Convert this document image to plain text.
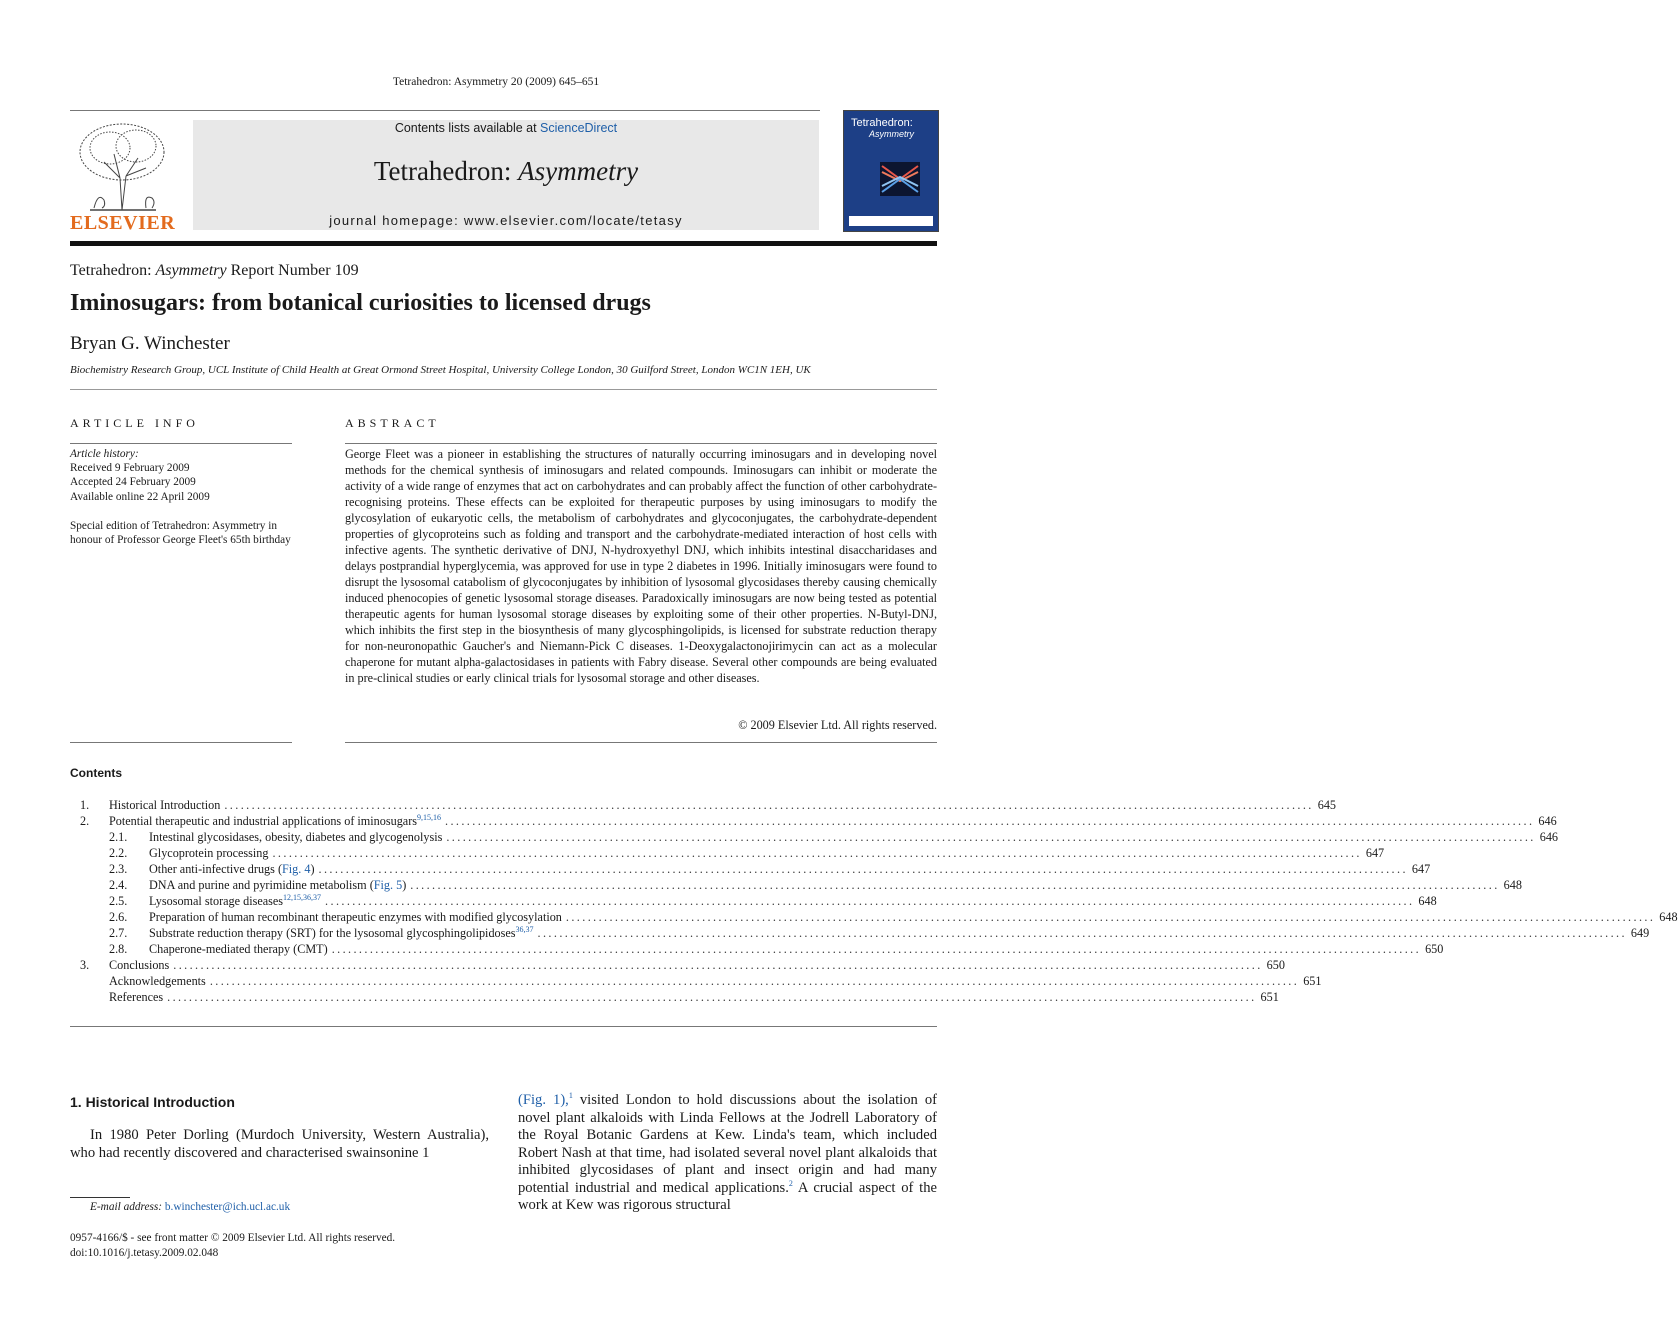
Tetrahedron: Asymmetry 20 (2009) 645–651
ELSEVIER
Contents lists available at ScienceDirect
Tetrahedron: Asymmetry
journal homepage: www.elsevier.com/locate/tetasy
Tetrahedron:
Asymmetry
Tetrahedron: Asymmetry Report Number 109
Iminosugars: from botanical curiosities to licensed drugs
Bryan G. Winchester
Biochemistry Research Group, UCL Institute of Child Health at Great Ormond Street Hospital, University College London, 30 Guilford Street, London WC1N 1EH, UK
ARTICLE INFO
Article history:
Received 9 February 2009
Accepted 24 February 2009
Available online 22 April 2009
Special edition of Tetrahedron: Asymmetry in honour of Professor George Fleet's 65th birthday
ABSTRACT
George Fleet was a pioneer in establishing the structures of naturally occurring iminosugars and in developing novel methods for the chemical synthesis of iminosugars and related compounds. Iminosugars can inhibit or moderate the activity of a wide range of enzymes that act on carbohydrates and can probably affect the function of other carbohydrate-recognising proteins. These effects can be exploited for therapeutic purposes by using iminosugars to modify the glycosylation of eukaryotic cells, the metabolism of carbohydrates and glycoconjugates, the carbohydrate-dependent properties of glycoproteins such as folding and transport and the carbohydrate-mediated interaction of host cells with infective agents. The synthetic derivative of DNJ, N-hydroxyethyl DNJ, which inhibits intestinal disaccharidases and delays postprandial hyperglycemia, was approved for use in type 2 diabetes in 1996. Initially iminosugars were found to disrupt the lysosomal catabolism of glycoconjugates by inhibition of lysosomal glycosidases thereby causing chemically induced phenocopies of genetic lysosomal storage diseases. Paradoxically iminosugars are now being tested as potential therapeutic agents for human lysosomal storage diseases by exploiting some of their other properties. N-Butyl-DNJ, which inhibits the first step in the biosynthesis of many glycosphingolipids, is licensed for substrate reduction therapy for non-neuronopathic Gaucher's and Niemann-Pick C diseases. 1-Deoxygalactonojirimycin can act as a molecular chaperone for mutant alpha-galactosidases in patients with Fabry disease. Several other compounds are being evaluated in pre-clinical studies or early clinical trials for lysosomal storage and other diseases.
© 2009 Elsevier Ltd. All rights reserved.
Contents
1. Historical Introduction ........................................................................................................................................................................................................ 645
2. Potential therapeutic and industrial applications of iminosugars$^{9,15,16}$ ........................................................................................................................................................................................................ 646
2.1. Intestinal glycosidases, obesity, diabetes and glycogenolysis ........................................................................................................................................................................................................ 646
2.2. Glycoprotein processing ........................................................................................................................................................................................................ 647
2.3. Other anti-infective drugs (Fig. 4) ........................................................................................................................................................................................................ 647
2.4. DNA and purine and pyrimidine metabolism (Fig. 5) ........................................................................................................................................................................................................ 648
2.5. Lysosomal storage diseases$^{12,15,36,37}$ ........................................................................................................................................................................................................ 648
2.6. Preparation of human recombinant therapeutic enzymes with modified glycosylation ........................................................................................................................................................................................................ 648
2.7. Substrate reduction therapy (SRT) for the lysosomal glycosphingolipidoses$^{36,37}$ ........................................................................................................................................................................................................ 649
2.8. Chaperone-mediated therapy (CMT) ........................................................................................................................................................................................................ 650
3. Conclusions ........................................................................................................................................................................................................ 650
Acknowledgements ........................................................................................................................................................................................................ 651
References ........................................................................................................................................................................................................ 651
1. Historical Introduction
In 1980 Peter Dorling (Murdoch University, Western Australia), who had recently discovered and characterised swainsonine 1
E-mail address: b.winchester@ich.ucl.ac.uk
0957-4166/$ - see front matter © 2009 Elsevier Ltd. All rights reserved.
doi:10.1016/j.tetasy.2009.02.048
(Fig. 1),$^1$ visited London to hold discussions about the isolation of novel plant alkaloids with Linda Fellows at the Jodrell Laboratory of the Royal Botanic Gardens at Kew. Linda's team, which included Robert Nash at that time, had isolated several novel plant alkaloids that inhibited glycosidases of plant and insect origin and had many potential industrial and medical applications.$^2$ A crucial aspect of the work at Kew was rigorous structural
